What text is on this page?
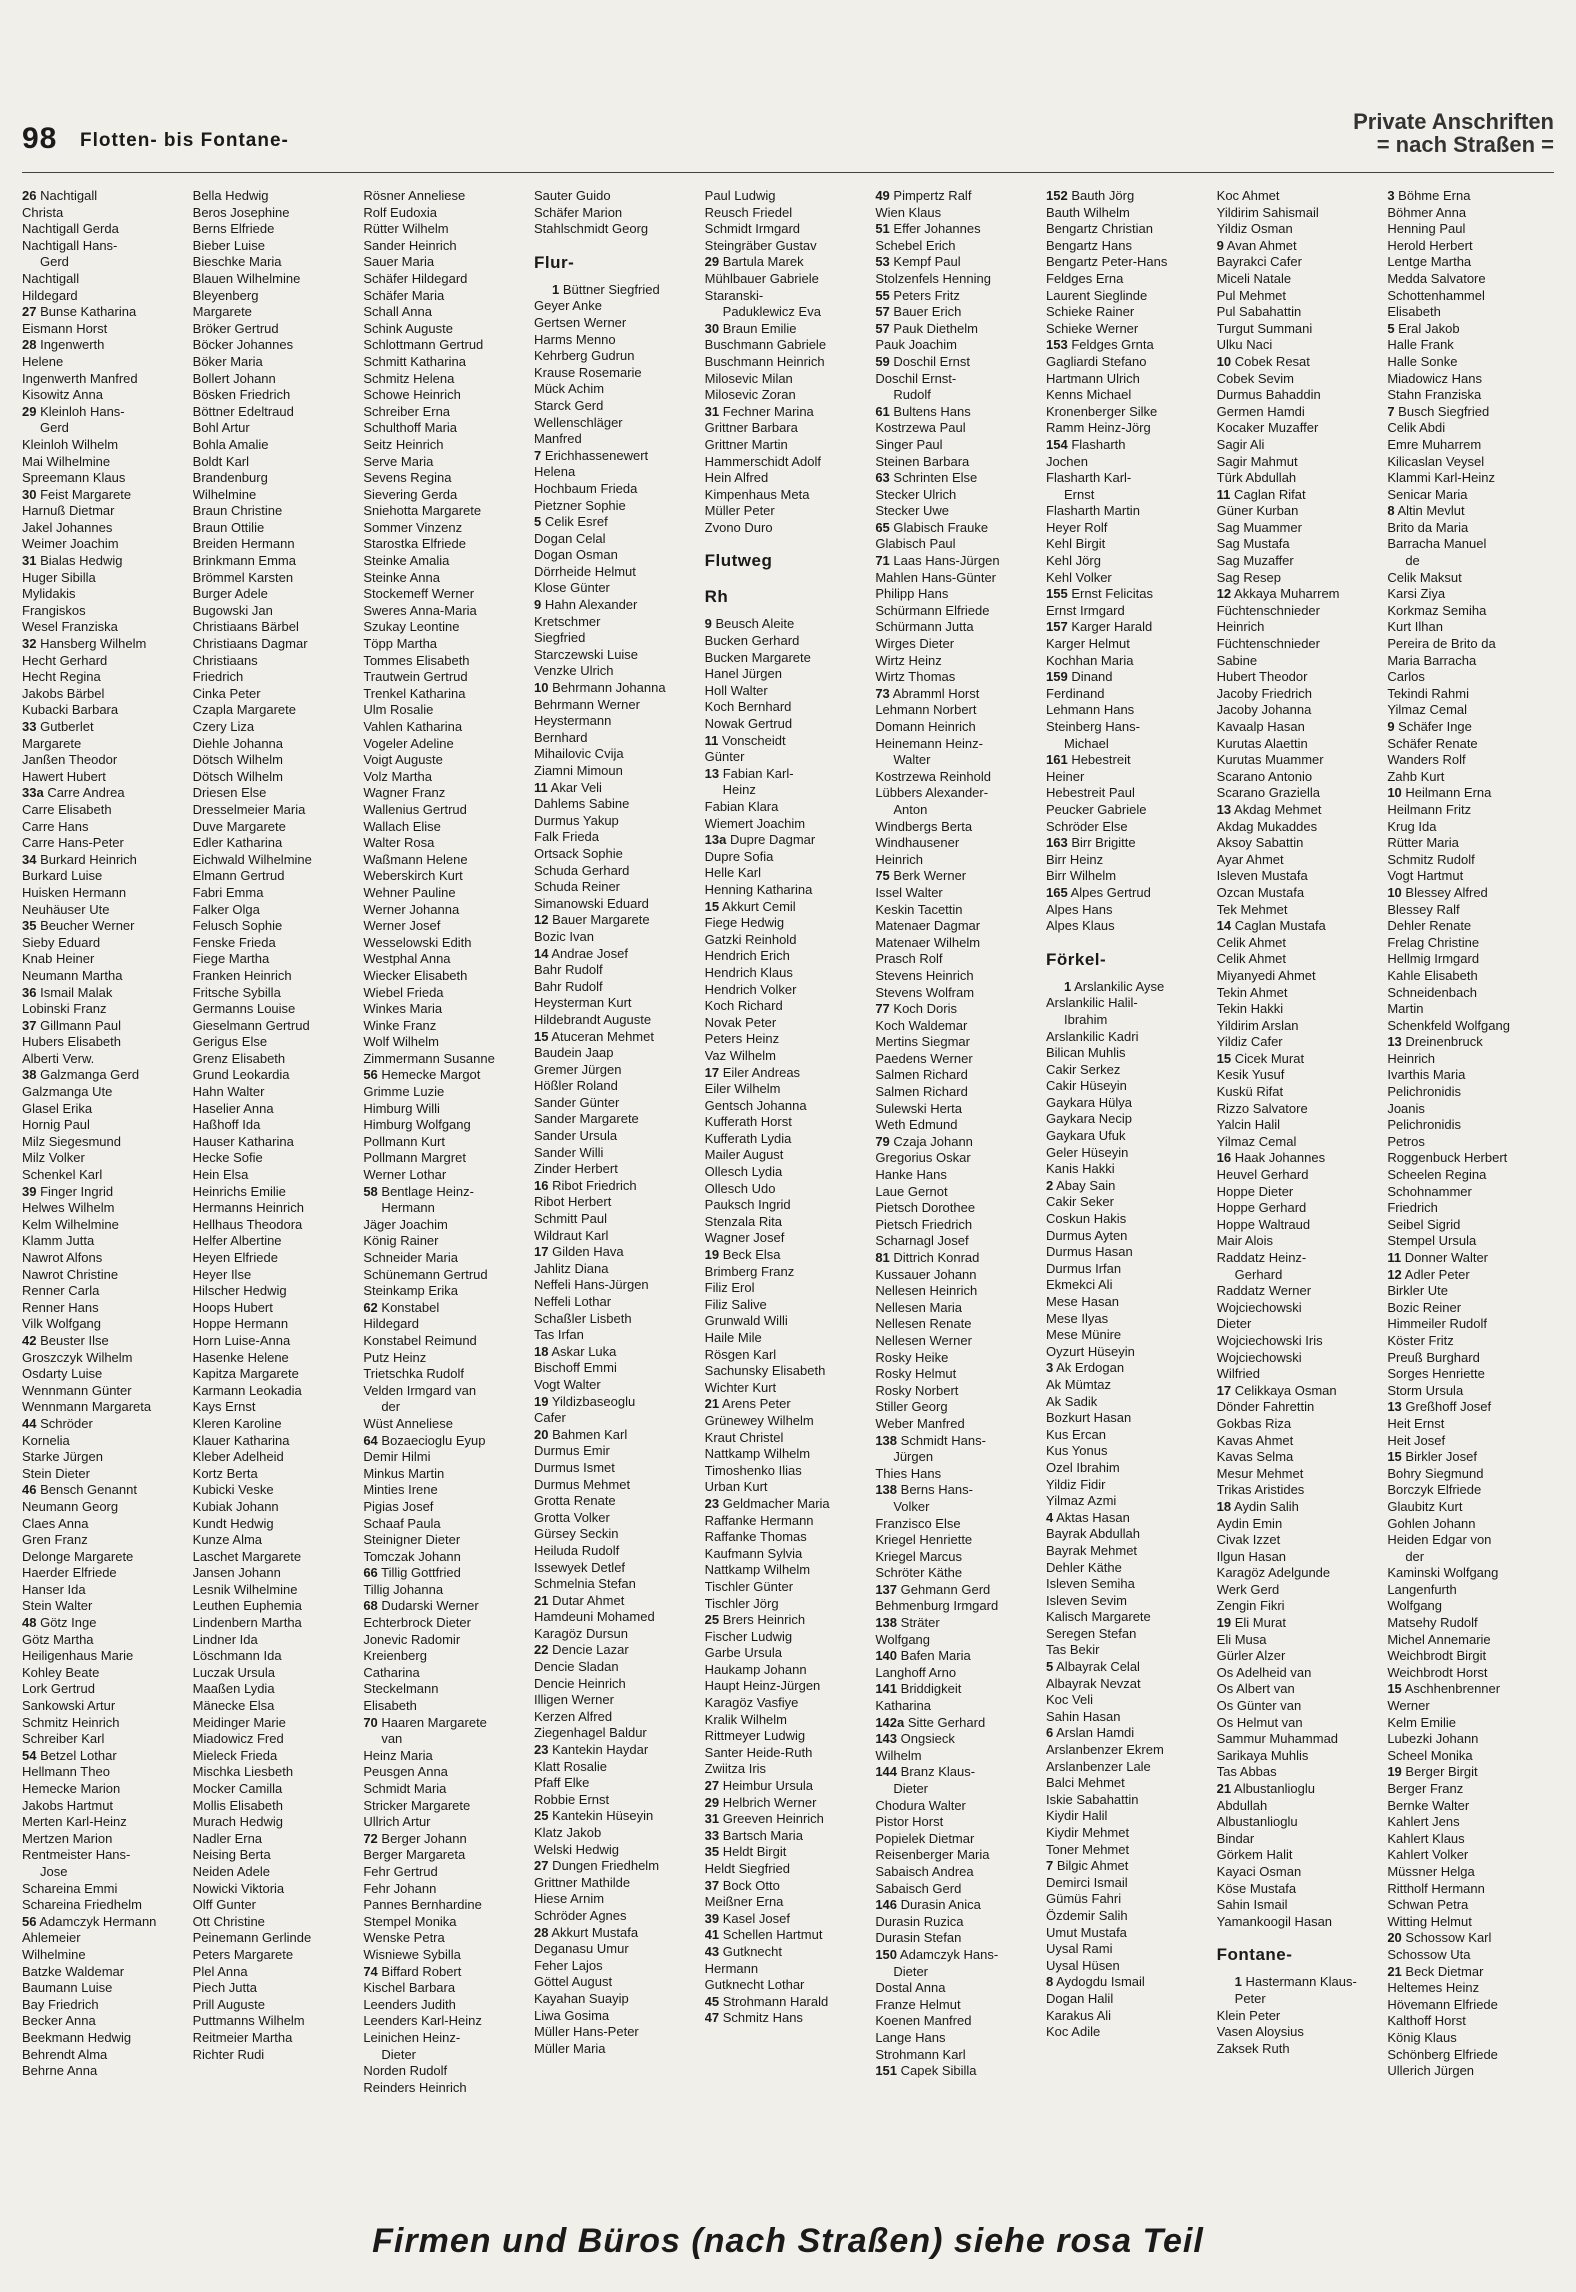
98 Flotten- bis Fontane-
Private Anschriften
= nach Straßen =
26 Nachtigall
Christa
Nachtigall Gerda
Nachtigall Hans-
Gerd
Nachtigall
Hildegard
27 Bunse Katharina
Eismann Horst
28 Ingenwerth
Helene
Ingenwerth Manfred
Kisowitz Anna
29 Kleinloh Hans-
Gerd
Kleinloh Wilhelm
Mai Wilhelmine
Spreemann Klaus
30 Feist Margarete
Harnuß Dietmar
Jakel Johannes
Weimer Joachim
31 Bialas Hedwig
Huger Sibilla
Mylidakis
Frangiskos
Wesel Franziska
32 Hansberg Wilhelm
Hecht Gerhard
Hecht Regina
Jakobs Bärbel
Kubacki Barbara
33 Gutberlet
Margarete
Janßen Theodor
Hawert Hubert
33a Carre Andrea
Carre Elisabeth
Carre Hans
Carre Hans-Peter
34 Burkard Heinrich
Burkard Luise
Huisken Hermann
Neuhäuser Ute
35 Beucher Werner
Sieby Eduard
Knab Heiner
Neumann Martha
36 Ismail Malak
Lobinski Franz
37 Gillmann Paul
Hubers Elisabeth
Alberti Verw.
38 Galzmanga Gerd
Galzmanga Ute
Glasel Erika
Hornig Paul
Milz Siegesmund
Milz Volker
Schenkel Karl
39 Finger Ingrid
Helwes Wilhelm
Kelm Wilhelmine
Klamm Jutta
Nawrot Alfons
Nawrot Christine
Renner Carla
Renner Hans
Vilk Wolfgang
42 Beuster Ilse
Groszczyk Wilhelm
Osdarty Luise
Wennmann Günter
Wennmann Margareta
44 Schröder
Kornelia
Starke Jürgen
Stein Dieter
46 Bensch Genannt
Neumann Georg
Claes Anna
Gren Franz
Delonge Margarete
Haerder Elfriede
Hanser Ida
Stein Walter
48 Götz Inge
Götz Martha
Heiligenhaus Marie
Kohley Beate
Lork Gertrud
Sankowski Artur
Schmitz Heinrich
Schreiber Karl
54 Betzel Lothar
Hellmann Theo
Hemecke Marion
Jakobs Hartmut
Merten Karl-Heinz
Mertzen Marion
Rentmeister Hans-
Jose
Schareina Emmi
Schareina Friedhelm
56 Adamczyk Hermann
Ahlemeier
Wilhelmine
Batzke Waldemar
Baumann Luise
Bay Friedrich
Becker Anna
Beekmann Hedwig
Behrendt Alma
Behrne Anna
Bella Hedwig
Beros Josephine
Berns Elfriede
Bieber Luise
Bieschke Maria
Blauen Wilhelmine
Bleyenberg
Margarete
Bröker Gertrud
Böcker Johannes
Böker Maria
Bollert Johann
Bösken Friedrich
Böttner Edeltraud
Bohl Artur
Bohla Amalie
Boldt Karl
Brandenburg
Wilhelmine
Braun Christine
Braun Ottilie
Breiden Hermann
Brinkmann Emma
Brömmel Karsten
Burger Adele
Bugowski Jan
Christiaans Bärbel
Christiaans Dagmar
Christiaans
Friedrich
Cinka Peter
Czapla Margarete
Czery Liza
Diehle Johanna
Dötsch Wilhelm
Dötsch Wilhelm
Driesen Else
Dresselmeier Maria
Duve Margarete
Edler Katharina
Eichwald Wilhelmine
Elmann Gertrud
Fabri Emma
Falker Olga
Felusch Sophie
Fenske Frieda
Fiege Martha
Franken Heinrich
Fritsche Sybilla
Germanns Louise
Gieselmann Gertrud
Gerigus Else
Grenz Elisabeth
Grund Leokardia
Hahn Walter
Haselier Anna
Haßhoff Ida
Hauser Katharina
Hecke Sofie
Hein Elsa
Heinrichs Emilie
Hermanns Heinrich
Hellhaus Theodora
Helfer Albertine
Heyen Elfriede
Heyer Ilse
Hilscher Hedwig
Hoops Hubert
Hoppe Hermann
Horn Luise-Anna
Hasenke Helene
Kapitza Margarete
Karmann Leokadia
Kays Ernst
Kleren Karoline
Klauer Katharina
Kleber Adelheid
Kortz Berta
Kubicki Veske
Kubiak Johann
Kundt Hedwig
Kunze Alma
Laschet Margarete
Jansen Johann
Lesnik Wilhelmine
Leuthen Euphemia
Lindenbern Martha
Lindner Ida
Löschmann Ida
Luczak Ursula
Maaßen Lydia
Mänecke Elsa
Meidinger Marie
Miadowicz Fred
Mieleck Frieda
Mischka Liesbeth
Mocker Camilla
Mollis Elisabeth
Murach Hedwig
Nadler Erna
Neising Berta
Neiden Adele
Nowicki Viktoria
Olff Gunter
Ott Christine
Peinemann Gerlinde
Peters Margarete
Plel Anna
Piech Jutta
Prill Auguste
Puttmanns Wilhelm
Reitmeier Martha
Richter Rudi
Rösner Anneliese
Rolf Eudoxia
Rütter Wilhelm
Sander Heinrich
Sauer Maria
Schäfer Hildegard
Schäfer Maria
Schall Anna
Schink Auguste
Schlottmann Gertrud
Schmitt Katharina
Schmitz Helena
Schowe Heinrich
Schreiber Erna
Schulthoff Maria
Seitz Heinrich
Serve Maria
Sevens Regina
Sievering Gerda
Sniehotta Margarete
Sommer Vinzenz
Starostka Elfriede
Steinke Amalia
Steinke Anna
Stockemeff Werner
Sweres Anna-Maria
Szukay Leontine
Töpp Martha
Tommes Elisabeth
Trautwein Gertrud
Trenkel Katharina
Ulm Rosalie
Vahlen Katharina
Vogeler Adeline
Voigt Auguste
Volz Martha
Wagner Franz
Wallenius Gertrud
Wallach Elise
Walter Rosa
Waßmann Helene
Weberskirch Kurt
Wehner Pauline
Werner Johanna
Werner Josef
Wesselowski Edith
Westphal Anna
Wiecker Elisabeth
Wiebel Frieda
Winkes Maria
Winke Franz
Wolf Wilhelm
Zimmermann Susanne
56 Hemecke Margot
Grimme Luzie
Himburg Willi
Himburg Wolfgang
Pollmann Kurt
Pollmann Margret
Werner Lothar
58 Bentlage Heinz-
Hermann
Jäger Joachim
König Rainer
Schneider Maria
Schünemann Gertrud
Steinkamp Erika
62 Konstabel
Hildegard
Konstabel Reimund
Putz Heinz
Trietschka Rudolf
Velden Irmgard van
der
Wüst Anneliese
64 Bozaecioglu Eyup
Demir Hilmi
Minkus Martin
Minties Irene
Pigias Josef
Schaaf Paula
Steinigner Dieter
Tomczak Johann
66 Tillig Gottfried
Tillig Johanna
68 Dudarski Werner
Echterbrock Dieter
Jonevic Radomir
Kreienberg
Catharina
Steckelmann
Elisabeth
70 Haaren Margarete
van
Heinz Maria
Peusgen Anna
Schmidt Maria
Stricker Margarete
Ullrich Artur
72 Berger Johann
Berger Margareta
Fehr Gertrud
Fehr Johann
Pannes Bernhardine
Stempel Monika
Wenske Petra
Wisniewe Sybilla
74 Biffard Robert
Kischel Barbara
Leenders Judith
Leenders Karl-Heinz
Leinichen Heinz-
Dieter
Norden Rudolf
Reinders Heinrich
Sauter Guido
Schäfer Marion
Stahlschmidt Georg
Flur-
1 Büttner Siegfried
Geyer Anke
Gertsen Werner
Harms Menno
Kehrberg Gudrun
Krause Rosemarie
Mück Achim
Starck Gerd
Wellenschläger
Manfred
7 Erichhassenewert
Helena
Hochbaum Frieda
Pietzner Sophie
5 Celik Esref
Dogan Celal
Dogan Osman
Dörrheide Helmut
Klose Günter
9 Hahn Alexander
Kretschmer
Siegfried
Starczewski Luise
Venzke Ulrich
10 Behrmann Johanna
Behrmann Werner
Heystermann
Bernhard
Mihailovic Cvija
Ziamni Mimoun
11 Akar Veli
Dahlems Sabine
Durmus Yakup
Falk Frieda
Ortsack Sophie
Schuda Gerhard
Schuda Reiner
Simanowski Eduard
12 Bauer Margarete
Bozic Ivan
14 Andrae Josef
Bahr Rudolf
Bahr Rudolf
Heysterman Kurt
Hildebrandt Auguste
15 Atuceran Mehmet
Baudein Jaap
Gremer Jürgen
Hößler Roland
Sander Günter
Sander Margarete
Sander Ursula
Sander Willi
Zinder Herbert
16 Ribot Friedrich
Ribot Herbert
Schmitt Paul
Wildraut Karl
17 Gilden Hava
Jahlitz Diana
Neffeli Hans-Jürgen
Neffeli Lothar
Schaßler Lisbeth
Tas Irfan
18 Askar Luka
Bischoff Emmi
Vogt Walter
19 Yildizbaseoglu
Cafer
20 Bahmen Karl
Durmus Emir
Durmus Ismet
Durmus Mehmet
Grotta Renate
Grotta Volker
Gürsey Seckin
Heiluda Rudolf
Issewyek Detlef
Schmelnia Stefan
21 Dutar Ahmet
Hamdeuni Mohamed
Karagöz Dursun
22 Dencie Lazar
Dencie Sladan
Dencie Heinrich
Illigen Werner
Kerzen Alfred
Ziegenhagel Baldur
23 Kantekin Haydar
Klatt Rosalie
Pfaff Elke
Robbie Ernst
25 Kantekin Hüseyin
Klatz Jakob
Welski Hedwig
27 Dungen Friedhelm
Grittner Mathilde
Hiese Arnim
Schröder Agnes
28 Akkurt Mustafa
Deganasu Umur
Feher Lajos
Göttel August
Kayahan Suayip
Liwa Gosima
Müller Hans-Peter
Müller Maria
Paul Ludwig
Reusch Friedel
Schmidt Irmgard
Steingräber Gustav
29 Bartula Marek
Mühlbauer Gabriele
Staranski-
Paduklewicz Eva
30 Braun Emilie
Buschmann Gabriele
Buschmann Heinrich
Milosevic Milan
Milosevic Zoran
31 Fechner Marina
Grittner Barbara
Grittner Martin
Hammerschidt Adolf
Hein Alfred
Kimpenhaus Meta
Müller Peter
Zvono Duro
Flutweg
Rh
9 Beusch Aleite
Bucken Gerhard
Bucken Margarete
Hanel Jürgen
Holl Walter
Koch Bernhard
Nowak Gertrud
11 Vonscheidt
Günter
13 Fabian Karl-
Heinz
Fabian Klara
Wiemert Joachim
13a Dupre Dagmar
Dupre Sofia
Helle Karl
Henning Katharina
15 Akkurt Cemil
Fiege Hedwig
Gatzki Reinhold
Hendrich Erich
Hendrich Klaus
Hendrich Volker
Koch Richard
Novak Peter
Peters Heinz
Vaz Wilhelm
17 Eiler Andreas
Eiler Wilhelm
Gentsch Johanna
Kufferath Horst
Kufferath Lydia
Mailer August
Ollesch Lydia
Ollesch Udo
Pauksch Ingrid
Stenzala Rita
Wagner Josef
19 Beck Elsa
Brimberg Franz
Filiz Erol
Filiz Salive
Grunwald Willi
Haile Mile
Rösgen Karl
Sachunsky Elisabeth
Wichter Kurt
21 Arens Peter
Grünewey Wilhelm
Kraut Christel
Nattkamp Wilhelm
Timoshenko Ilias
Urban Kurt
23 Geldmacher Maria
Raffanke Hermann
Raffanke Thomas
Kaufmann Sylvia
Nattkamp Wilhelm
Tischler Günter
Tischler Jörg
25 Brers Heinrich
Fischer Ludwig
Garbe Ursula
Haukamp Johann
Haupt Heinz-Jürgen
Karagöz Vasfiye
Kralik Wilhelm
Rittmeyer Ludwig
Santer Heide-Ruth
Zwiitza Iris
27 Heimbur Ursula
29 Helbrich Werner
31 Greeven Heinrich
33 Bartsch Maria
35 Heldt Birgit
Heldt Siegfried
37 Bock Otto
Meißner Erna
39 Kasel Josef
41 Schellen Hartmut
43 Gutknecht
Hermann
Gutknecht Lothar
45 Strohmann Harald
47 Schmitz Hans
49 Pimpertz Ralf
Wien Klaus
51 Effer Johannes
Schebel Erich
53 Kempf Paul
Stolzenfels Henning
55 Peters Fritz
57 Bauer Erich
57 Pauk Diethelm
Pauk Joachim
59 Doschil Ernst
Doschil Ernst-
Rudolf
61 Bultens Hans
Kostrzewa Paul
Singer Paul
Steinen Barbara
63 Schrinten Else
Stecker Ulrich
Stecker Uwe
65 Glabisch Frauke
Glabisch Paul
71 Laas Hans-Jürgen
Mahlen Hans-Günter
Philipp Hans
Schürmann Elfriede
Schürmann Jutta
Wirges Dieter
Wirtz Heinz
Wirtz Thomas
73 Abramml Horst
Lehmann Norbert
Domann Heinrich
Heinemann Heinz-
Walter
Kostrzewa Reinhold
Lübbers Alexander-
Anton
Windbergs Berta
Windhausener
Heinrich
75 Berk Werner
Issel Walter
Keskin Tacettin
Matenaer Dagmar
Matenaer Wilhelm
Prasch Rolf
Stevens Heinrich
Stevens Wolfram
77 Koch Doris
Koch Waldemar
Mertins Siegmar
Paedens Werner
Salmen Richard
Salmen Richard
Sulewski Herta
Weth Edmund
79 Czaja Johann
Gregorius Oskar
Hanke Hans
Laue Gernot
Pietsch Dorothee
Pietsch Friedrich
Scharnagl Josef
81 Dittrich Konrad
Kussauer Johann
Nellesen Heinrich
Nellesen Maria
Nellesen Renate
Nellesen Werner
Rosky Heike
Rosky Helmut
Rosky Norbert
Stiller Georg
Weber Manfred
138 Schmidt Hans-
Jürgen
Thies Hans
138 Berns Hans-
Volker
Franzisco Else
Kriegel Henriette
Kriegel Marcus
Schröter Käthe
137 Gehmann Gerd
Behmenburg Irmgard
138 Sträter
Wolfgang
140 Bafen Maria
Langhoff Arno
141 Briddigkeit
Katharina
142a Sitte Gerhard
143 Ongsieck
Wilhelm
144 Branz Klaus-
Dieter
Chodura Walter
Pistor Horst
Popielek Dietmar
Reisenberger Maria
Sabaisch Andrea
Sabaisch Gerd
146 Durasin Anica
Durasin Ruzica
Durasin Stefan
150 Adamczyk Hans-
Dieter
Dostal Anna
Franze Helmut
Koenen Manfred
Lange Hans
Strohmann Karl
151 Capek Sibilla
152 Bauth Jörg
Bauth Wilhelm
Bengartz Christian
Bengartz Hans
Bengartz Peter-Hans
Feldges Erna
Laurent Sieglinde
Schieke Rainer
Schieke Werner
153 Feldges Grnta
Gagliardi Stefano
Hartmann Ulrich
Kenns Michael
Kronenberger Silke
Ramm Heinz-Jörg
154 Flasharth
Jochen
Flasharth Karl-
Ernst
Flasharth Martin
Heyer Rolf
Kehl Birgit
Kehl Jörg
Kehl Volker
155 Ernst Felicitas
Ernst Irmgard
157 Karger Harald
Karger Helmut
Kochhan Maria
159 Dinand
Ferdinand
Lehmann Hans
Steinberg Hans-
Michael
161 Hebestreit
Heiner
Hebestreit Paul
Peucker Gabriele
Schröder Else
163 Birr Brigitte
Birr Heinz
Birr Wilhelm
165 Alpes Gertrud
Alpes Hans
Alpes Klaus
Förkel-
1 Arslankilic Ayse
Arslankilic Halil-
Ibrahim
Arslankilic Kadri
Bilican Muhlis
Cakir Serkez
Cakir Hüseyin
Gaykara Hülya
Gaykara Necip
Gaykara Ufuk
Geler Hüseyin
Kanis Hakki
2 Abay Sain
Cakir Seker
Coskun Hakis
Durmus Ayten
Durmus Hasan
Durmus Irfan
Ekmekci Ali
Mese Hasan
Mese Ilyas
Mese Münire
Oyzurt Hüseyin
3 Ak Erdogan
Ak Mümtaz
Ak Sadik
Bozkurt Hasan
Kus Ercan
Kus Yonus
Ozel Ibrahim
Yildiz Fidir
Yilmaz Azmi
4 Aktas Hasan
Bayrak Abdullah
Bayrak Mehmet
Dehler Käthe
Isleven Semiha
Isleven Sevim
Kalisch Margarete
Seregen Stefan
Tas Bekir
5 Albayrak Celal
Albayrak Nevzat
Koc Veli
Sahin Hasan
6 Arslan Hamdi
Arslanbenzer Ekrem
Arslanbenzer Lale
Balci Mehmet
Iskie Sabahattin
Kiydir Halil
Kiydir Mehmet
Toner Mehmet
7 Bilgic Ahmet
Demirci Ismail
Gümüs Fahri
Özdemir Salih
Umut Mustafa
Uysal Rami
Uysal Hüsen
8 Aydogdu Ismail
Dogan Halil
Karakus Ali
Koc Adile
Koc Ahmet
Yildirim Sahismail
Yildiz Osman
9 Avan Ahmet
Bayrakci Cafer
Miceli Natale
Pul Mehmet
Pul Sabahattin
Turgut Summani
Ulku Naci
10 Cobek Resat
Cobek Sevim
Durmus Bahaddin
Germen Hamdi
Kocaker Muzaffer
Sagir Ali
Sagir Mahmut
Türk Abdullah
11 Caglan Rifat
Güner Kurban
Sag Muammer
Sag Mustafa
Sag Muzaffer
Sag Resep
12 Akkaya Muharrem
Füchtenschnieder
Heinrich
Füchtenschnieder
Sabine
Hubert Theodor
Jacoby Friedrich
Jacoby Johanna
Kavaalp Hasan
Kurutas Alaettin
Kurutas Muammer
Scarano Antonio
Scarano Graziella
13 Akdag Mehmet
Akdag Mukaddes
Aksoy Sabattin
Ayar Ahmet
Isleven Mustafa
Ozcan Mustafa
Tek Mehmet
14 Caglan Mustafa
Celik Ahmet
Celik Ahmet
Miyanyedi Ahmet
Tekin Ahmet
Tekin Hakki
Yildirim Arslan
Yildiz Cafer
15 Cicek Murat
Kesik Yusuf
Kuskü Rifat
Rizzo Salvatore
Yalcin Halil
Yilmaz Cemal
16 Haak Johannes
Heuvel Gerhard
Hoppe Dieter
Hoppe Gerhard
Hoppe Waltraud
Mair Alois
Raddatz Heinz-
Gerhard
Raddatz Werner
Wojciechowski
Dieter
Wojciechowski Iris
Wojciechowski
Wilfried
17 Celikkaya Osman
Dönder Fahrettin
Gokbas Riza
Kavas Ahmet
Kavas Selma
Mesur Mehmet
Trikas Aristides
18 Aydin Salih
Aydin Emin
Civak Izzet
Ilgun Hasan
Karagöz Adelgunde
Werk Gerd
Zengin Fikri
19 Eli Murat
Eli Musa
Gürler Alzer
Os Adelheid van
Os Albert van
Os Günter van
Os Helmut van
Sammur Muhammad
Sarikaya Muhlis
Tas Abbas
21 Albustanlioglu
Abdullah
Albustanlioglu
Bindar
Görkem Halit
Kayaci Osman
Köse Mustafa
Sahin Ismail
Yamankoogil Hasan
Fontane-
1 Hastermann Klaus-
Peter
Klein Peter
Vasen Aloysius
Zaksek Ruth
3 Böhme Erna
Böhmer Anna
Henning Paul
Herold Herbert
Lentge Martha
Medda Salvatore
Schottenhammel
Elisabeth
5 Eral Jakob
Halle Frank
Halle Sonke
Miadowicz Hans
Stahn Franziska
7 Busch Siegfried
Celik Abdi
Emre Muharrem
Kilicaslan Veysel
Klammi Karl-Heinz
Senicar Maria
8 Altin Mevlut
Brito da Maria
Barracha Manuel
de
Celik Maksut
Karsi Ziya
Korkmaz Semiha
Kurt Ilhan
Pereira de Brito da
Maria Barracha
Carlos
Tekindi Rahmi
Yilmaz Cemal
9 Schäfer Inge
Schäfer Renate
Wanders Rolf
Zahb Kurt
10 Heilmann Erna
Heilmann Fritz
Krug Ida
Rütter Maria
Schmitz Rudolf
Vogt Hartmut
10 Blessey Alfred
Blessey Ralf
Dehler Renate
Frelag Christine
Hellmig Irmgard
Kahle Elisabeth
Schneidenbach
Martin
Schenkfeld Wolfgang
13 Dreinenbruck
Heinrich
Ivarthis Maria
Pelichronidis
Joanis
Pelichronidis
Petros
Roggenbuck Herbert
Scheelen Regina
Schohnammer
Friedrich
Seibel Sigrid
Stempel Ursula
11 Donner Walter
12 Adler Peter
Birkler Ute
Bozic Reiner
Himmeiler Rudolf
Köster Fritz
Preuß Burghard
Sorges Henriette
Storm Ursula
13 Greßhoff Josef
Heit Ernst
Heit Josef
15 Birkler Josef
Bohry Siegmund
Borczyk Elfriede
Glaubitz Kurt
Gohlen Johann
Heiden Edgar von
der
Kaminski Wolfgang
Langenfurth
Wolfgang
Matsehy Rudolf
Michel Annemarie
Weichbrodt Birgit
Weichbrodt Horst
15 Aschhenbrenner
Werner
Kelm Emilie
Lubezki Johann
Scheel Monika
19 Berger Birgit
Berger Franz
Bernke Walter
Kahlert Jens
Kahlert Klaus
Kahlert Volker
Müssner Helga
Rittholf Hermann
Schwan Petra
Witting Helmut
20 Schossow Karl
Schossow Uta
21 Beck Dietmar
Heltemes Heinz
Hövemann Elfriede
Kalthoff Horst
König Klaus
Schönberg Elfriede
Ullerich Jürgen
Firmen und Büros (nach Straßen) siehe rosa Teil
